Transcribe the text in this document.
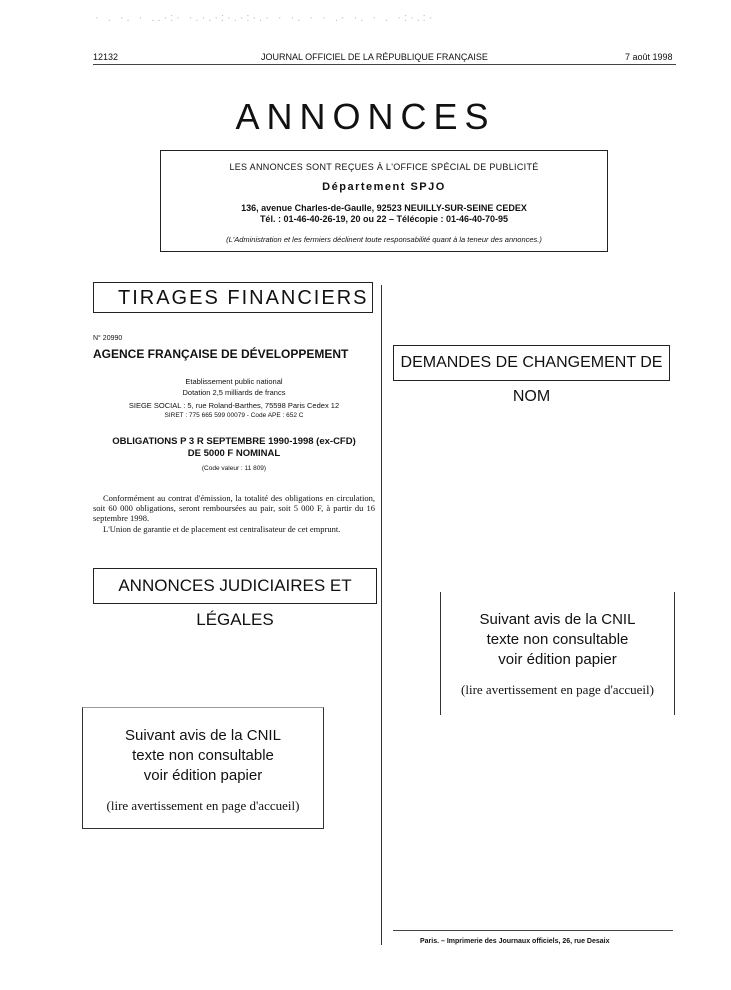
· . ·. · ..·:· ·.·.·:·.·:·.· · ·. · · .· ·. · . ·:·.:·
12132	JOURNAL OFFICIEL DE LA RÉPUBLIQUE FRANÇAISE	7 août 1998
ANNONCES
LES ANNONCES SONT REÇUES À L'OFFICE SPÉCIAL DE PUBLICITÉ
Département SPJO
136, avenue Charles-de-Gaulle, 92523 NEUILLY-SUR-SEINE CEDEX
Tél. : 01-46-40-26-19, 20 ou 22 – Télécopie : 01-46-40-70-95
(L'Administration et les fermiers déclinent toute responsabilité quant à la teneur des annonces.)
TIRAGES FINANCIERS
N° 20990
AGENCE FRANÇAISE DE DÉVELOPPEMENT
Etablissement public national
Dotation 2,5 milliards de francs
SIEGE SOCIAL : 5, rue Roland-Barthes, 75598 Paris Cedex 12
SIRET : 775 665 599 00079 - Code APE : 652 C
OBLIGATIONS P 3 R SEPTEMBRE 1990-1998 (ex-CFD)
DE 5000 F NOMINAL
(Code valeur : 11 809)
Conformément au contrat d'émission, la totalité des obligations en circulation, soit 60 000 obligations, seront remboursées au pair, soit 5 000 F, à partir du 16 septembre 1998.
L'Union de garantie et de placement est centralisateur de cet emprunt.
ANNONCES JUDICIAIRES ET LÉGALES
DEMANDES DE CHANGEMENT DE NOM
Suivant avis de la CNIL
texte non consultable
voir édition papier
(lire avertissement en page d'accueil)
Suivant avis de la CNIL
texte non consultable
voir édition papier
(lire avertissement en page d'accueil)
Paris. – Imprimerie des Journaux officiels, 26, rue Desaix
